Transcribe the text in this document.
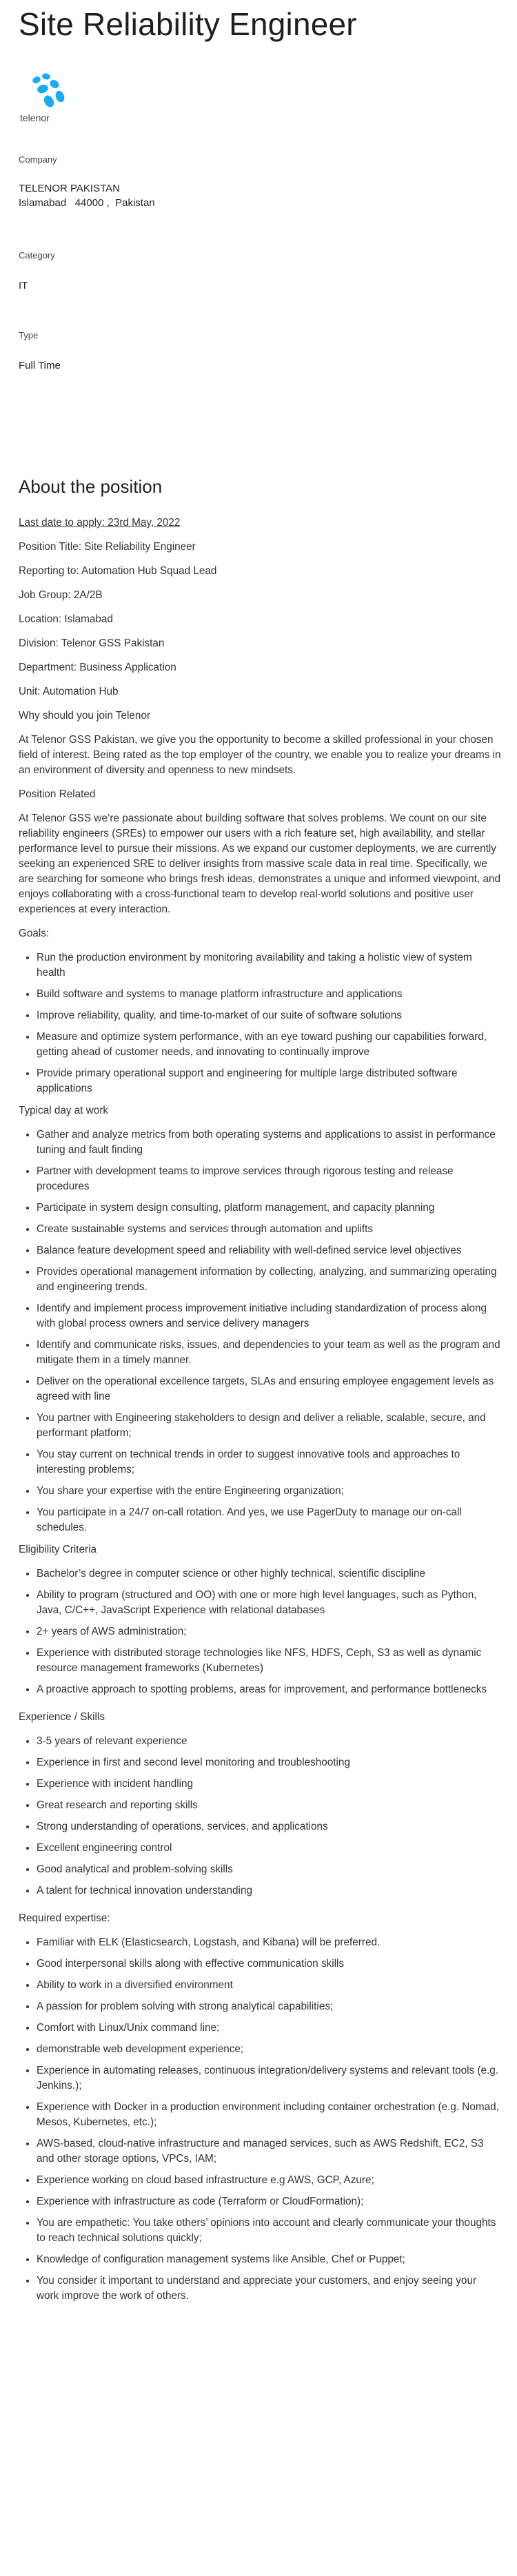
Site Reliability Engineer
telenor
Company
TELENOR PAKISTAN
Islamabad   44000 ,  Pakistan
Category
IT
Type
Full Time
About the position

Last date to apply: 23rd May, 2022

Position Title: Site Reliability Engineer

Reporting to: Automation Hub Squad Lead

Job Group: 2A/2B

Location: Islamabad

Division: Telenor GSS Pakistan

Department: Business Application

Unit: Automation Hub

Why should you join Telenor

At Telenor GSS Pakistan, we give you the opportunity to become a skilled professional in your chosen field of interest. Being rated as the top employer of the country, we enable you to realize your dreams in an environment of diversity and openness to new mindsets.

Position Related

At Telenor GSS we’re passionate about building software that solves problems. We count on our site reliability engineers (SREs) to empower our users with a rich feature set, high availability, and stellar performance level to pursue their missions. As we expand our customer deployments, we are currently seeking an experienced SRE to deliver insights from massive scale data in real time. Specifically, we are searching for someone who brings fresh ideas, demonstrates a unique and informed viewpoint, and enjoys collaborating with a cross-functional team to develop real-world solutions and positive user experiences at every interaction.

Goals:

• Run the production environment by monitoring availability and taking a holistic view of system health
• Build software and systems to manage platform infrastructure and applications
• Improve reliability, quality, and time-to-market of our suite of software solutions
• Measure and optimize system performance, with an eye toward pushing our capabilities forward, getting ahead of customer needs, and innovating to continually improve
• Provide primary operational support and engineering for multiple large distributed software applications

Typical day at work

• Gather and analyze metrics from both operating systems and applications to assist in performance tuning and fault finding
• Partner with development teams to improve services through rigorous testing and release procedures
• Participate in system design consulting, platform management, and capacity planning
• Create sustainable systems and services through automation and uplifts
• Balance feature development speed and reliability with well-defined service level objectives
• Provides operational management information by collecting, analyzing, and summarizing operating and engineering trends.
• Identify and implement process improvement initiative including standardization of process along with global process owners and service delivery managers
• Identify and communicate risks, issues, and dependencies to your team as well as the program and mitigate them in a timely manner.
• Deliver on the operational excellence targets, SLAs and ensuring employee engagement levels as agreed with line
• You partner with Engineering stakeholders to design and deliver a reliable, scalable, secure, and performant platform;
• You stay current on technical trends in order to suggest innovative tools and approaches to interesting problems;
• You share your expertise with the entire Engineering organization;
• You participate in a 24/7 on-call rotation. And yes, we use PagerDuty to manage our on-call schedules.

Eligibility Criteria

• Bachelor’s degree in computer science or other highly technical, scientific discipline
• Ability to program (structured and OO) with one or more high level languages, such as Python, Java, C/C++, JavaScript Experience with relational databases
• 2+ years of AWS administration;
• Experience with distributed storage technologies like NFS, HDFS, Ceph, S3 as well as dynamic resource management frameworks (Kubernetes)
• A proactive approach to spotting problems, areas for improvement, and performance bottlenecks

Experience / Skills

• 3-5 years of relevant experience
• Experience in first and second level monitoring and troubleshooting
• Experience with incident handling
• Great research and reporting skills
• Strong understanding of operations, services, and applications
• Excellent engineering control
• Good analytical and problem-solving skills
• A talent for technical innovation understanding

Required expertise:

• Familiar with ELK (Elasticsearch, Logstash, and Kibana) will be preferred.
• Good interpersonal skills along with effective communication skills
• Ability to work in a diversified environment
• A passion for problem solving with strong analytical capabilities;
• Comfort with Linux/Unix command line;
• demonstrable web development experience;
• Experience in automating releases, continuous integration/delivery systems and relevant tools (e.g. Jenkins.);
• Experience with Docker in a production environment including container orchestration (e.g. Nomad, Mesos, Kubernetes, etc.);
• AWS-based, cloud-native infrastructure and managed services, such as AWS Redshift, EC2, S3 and other storage options, VPCs, IAM;
• Experience working on cloud based infrastructure e.g AWS, GCP, Azure;
• Experience with infrastructure as code (Terraform or CloudFormation);
• You are empathetic: You take others’ opinions into account and clearly communicate your thoughts to reach technical solutions quickly;
• Knowledge of configuration management systems like Ansible, Chef or Puppet;
• You consider it important to understand and appreciate your customers, and enjoy seeing your work improve the work of others.
